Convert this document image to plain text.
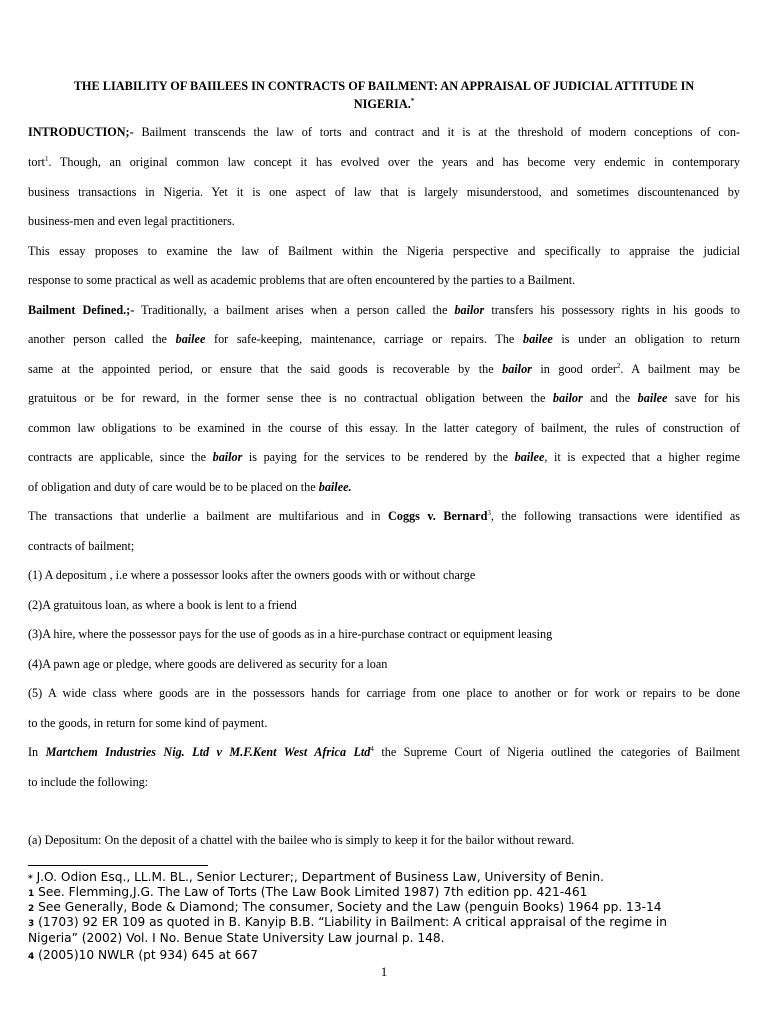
THE LIABILITY OF BAIILEES IN CONTRACTS OF BAILMENT: AN APPRAISAL OF JUDICIAL ATTITUDE IN
NIGERIA.*
INTRODUCTION;- Bailment transcends the law of torts and contract and it is at the threshold of modern conceptions of con-
tort$^1$. Though, an original common law concept it has evolved over the years and has become very endemic in contemporary
business transactions in Nigeria. Yet it is one aspect of law that is largely misunderstood, and sometimes discountenanced by
business-men and even legal practitioners.
This essay proposes to examine the law of Bailment within the Nigeria perspective and specifically to appraise the judicial
response to some practical as well as academic problems that are often encountered by the parties to a Bailment.
Bailment Defined.;- Traditionally, a bailment arises when a person called the bailor transfers his possessory rights in his goods to
another person called the bailee for safe-keeping, maintenance, carriage or repairs. The bailee is under an obligation to return
same at the appointed period, or ensure that the said goods is recoverable by the bailor in good order$^2$. A bailment may be
gratuitous or be for reward, in the former sense thee is no contractual obligation between the bailor and the bailee save for his
common law obligations to be examined in the course of this essay. In the latter category of bailment, the rules of construction of
contracts are applicable, since the bailor is paying for the services to be rendered by the bailee, it is expected that a higher regime
of obligation and duty of care would be to be placed on the bailee.
The transactions that underlie a bailment are multifarious and in Coggs v. Bernard$^3$, the following transactions were identified as
contracts of bailment;
(1) A depositum , i.e where a possessor looks after the owners goods with or without charge
(2)A gratuitous loan, as where a book is lent to a friend
(3)A hire, where the possessor pays for the use of goods as in a hire-purchase contract or equipment leasing
(4)A pawn age or pledge, where goods are delivered as security for a loan
(5) A wide class where goods are in the possessors hands for carriage from one place to another or for work or repairs to be done
to the goods, in return for some kind of payment.
In Martchem Industries Nig. Ltd v M.F.Kent West Africa Ltd$^4$ the Supreme Court of Nigeria outlined the categories of Bailment
to include the following:
(a) Depositum: On the deposit of a chattel with the bailee who is simply to keep it for the bailor without reward.
* J.O. Odion Esq., LL.M. BL., Senior Lecturer;, Department of Business Law, University of Benin.
1 See. Flemming,J.G. The Law of Torts (The Law Book Limited 1987) 7th edition pp. 421-461
2 See Generally, Bode & Diamond; The consumer, Society and the Law (penguin Books) 1964 pp. 13-14
3 (1703) 92 ER 109 as quoted in B. Kanyip B.B. “Liability in Bailment: A critical appraisal of the regime in
Nigeria” (2002) Vol. I No. Benue State University Law journal p. 148.
4 (2005)10 NWLR (pt 934) 645 at 667
1
